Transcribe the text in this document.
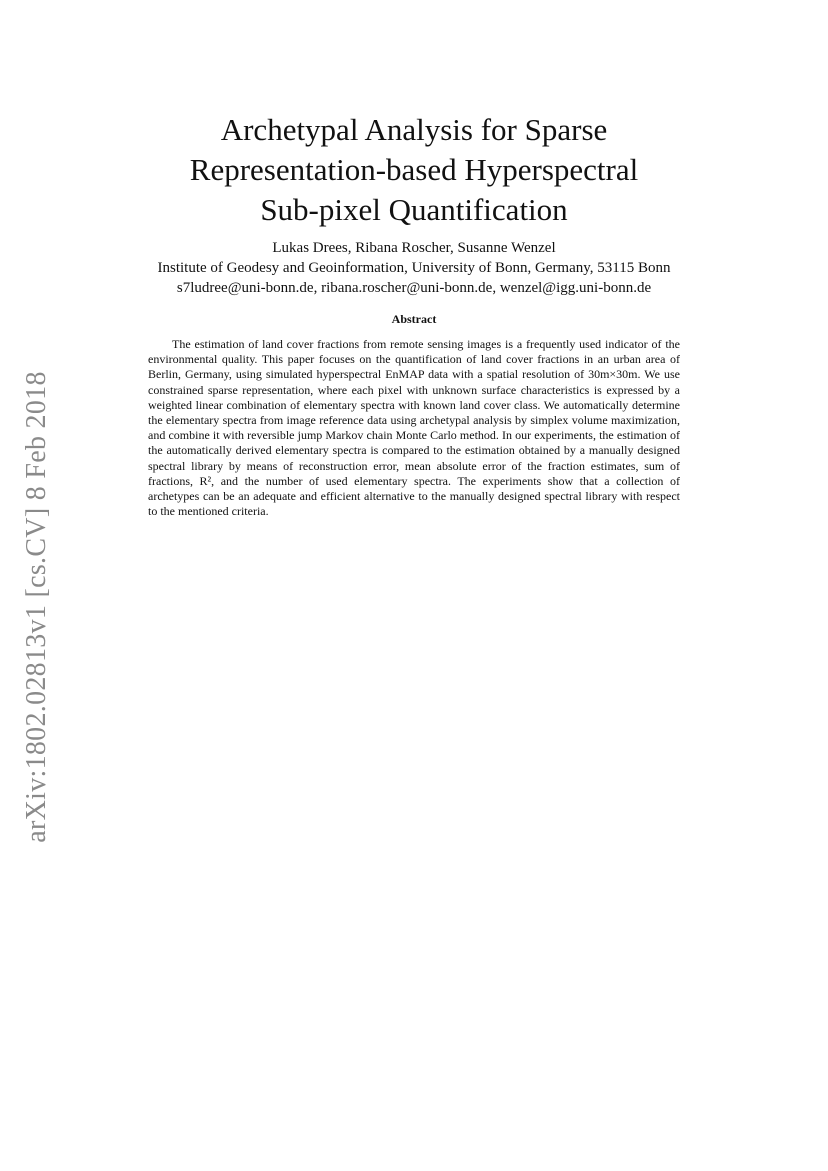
arXiv:1802.02813v1 [cs.CV] 8 Feb 2018
Archetypal Analysis for Sparse
Representation-based Hyperspectral
Sub-pixel Quantification
Lukas Drees, Ribana Roscher, Susanne Wenzel
Institute of Geodesy and Geoinformation, University of Bonn, Germany, 53115 Bonn
s7ludree@uni-bonn.de, ribana.roscher@uni-bonn.de, wenzel@igg.uni-bonn.de
Abstract
The estimation of land cover fractions from remote sensing images is a frequently used indicator of the environmental quality. This paper focuses on the quantification of land cover fractions in an urban area of Berlin, Germany, using simulated hyperspectral EnMAP data with a spatial resolution of 30m×30m. We use constrained sparse representation, where each pixel with unknown surface characteristics is expressed by a weighted linear combination of elementary spectra with known land cover class. We automatically determine the elementary spectra from image reference data using archetypal analysis by simplex volume maximization, and combine it with reversible jump Markov chain Monte Carlo method. In our experiments, the estimation of the automatically derived elementary spectra is compared to the estimation obtained by a manually designed spectral library by means of reconstruction error, mean absolute error of the fraction estimates, sum of fractions, R², and the number of used elementary spectra. The experiments show that a collection of archetypes can be an adequate and efficient alternative to the manually designed spectral library with respect to the mentioned criteria.
